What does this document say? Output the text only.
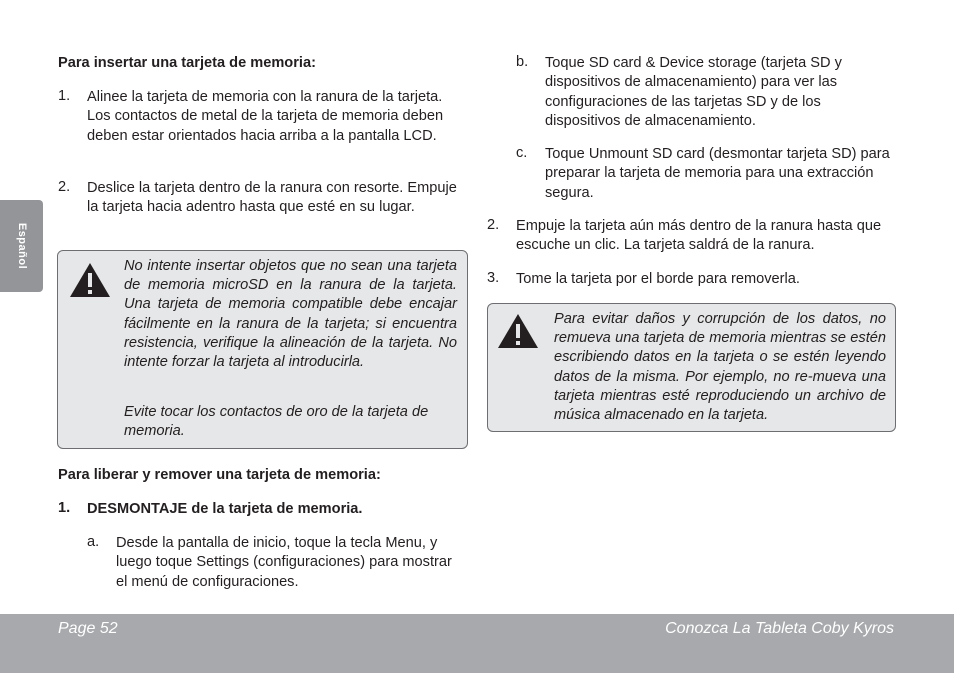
Español

Para insertar una tarjeta de memoria:

1. Alinee la tarjeta de memoria con la ranura de la tarjeta. Los contactos de metal de la tarjeta de memoria deben deben estar orientados hacia arriba a la pantalla LCD.

2. Deslice la tarjeta dentro de la ranura con resorte. Empuje la tarjeta hacia adentro hasta que esté en su lugar.

No intente insertar objetos que no sean una tarjeta de memoria microSD en la ranura de la tarjeta. Una tarjeta de memoria compatible debe encajar fácilmente en la ranura de la tarjeta; si encuentra resistencia, verifique la alineación de la tarjeta. No intente forzar la tarjeta al introducirla.

Evite tocar los contactos de oro de la tarjeta de memoria.

Para liberar y remover una tarjeta de memoria:

1. DESMONTAJE de la tarjeta de memoria.

a. Desde la pantalla de inicio, toque la tecla Menu, y luego toque Settings (configuraciones) para mostrar el menú de configuraciones.

b. Toque SD card & Device storage (tarjeta SD y dispositivos de almacenamiento) para ver las configuraciones de las tarjetas SD y de los dispositivos de almacenamiento.

c. Toque Unmount SD card (desmontar tarjeta SD) para preparar la tarjeta de memoria para una extracción segura.

2. Empuje la tarjeta aún más dentro de la ranura hasta que escuche un clic. La tarjeta saldrá de la ranura.

3. Tome la tarjeta por el borde para removerla.

Para evitar daños y corrupción de los datos, no remueva una tarjeta de memoria mientras se estén escribiendo datos en la tarjeta o se estén leyendo datos de la misma. Por ejemplo, no re-mueva una tarjeta mientras esté reproduciendo un archivo de música almacenado en la tarjeta.

Page 52	Conozca La Tableta Coby Kyros
